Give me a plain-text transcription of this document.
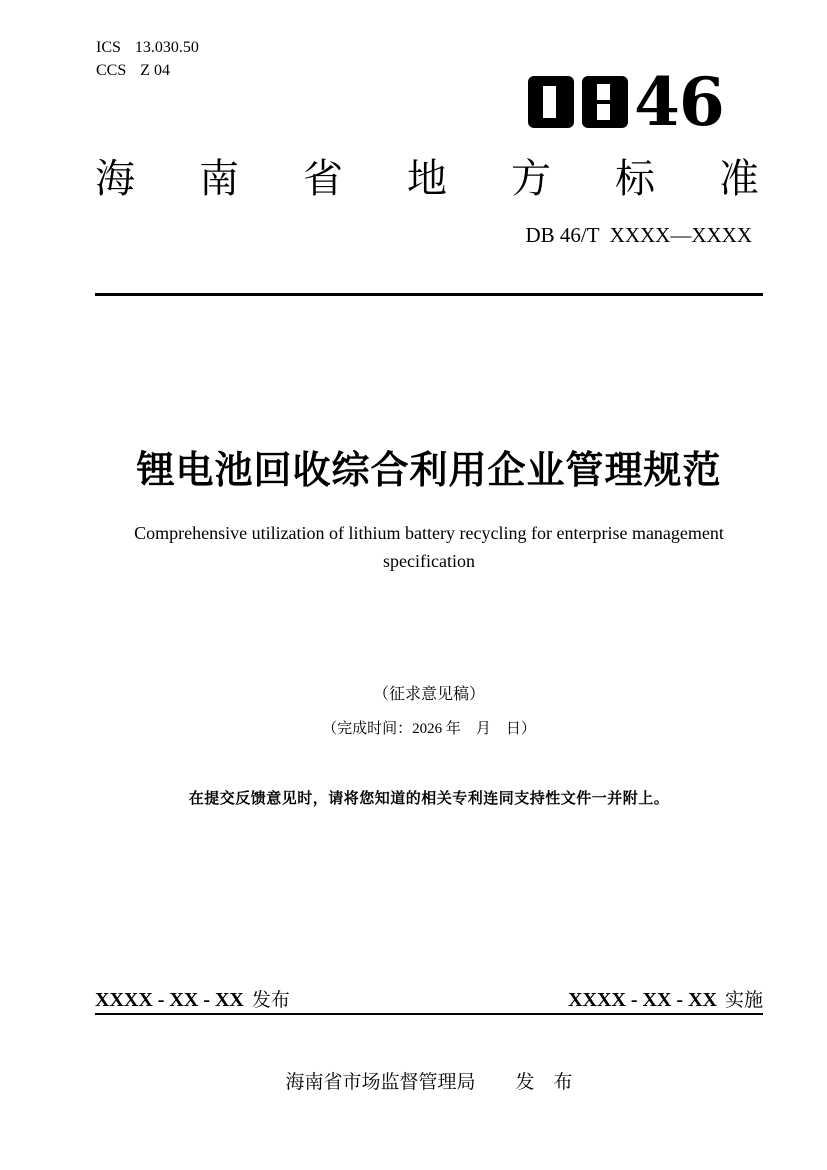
ICS 13.030.50
CCS Z 04	46
海南省地方标准
DB 46/T  XXXX—XXXX
锂电池回收综合利用企业管理规范
Comprehensive utilization of lithium battery recycling for enterprise management specification
（征求意见稿）
（完成时间：2026 年　月　日）
在提交反馈意见时，请将您知道的相关专利连同支持性文件一并附上。
XXXX - XX - XX 发布	XXXX - XX - XX 实施
海南省市场监督管理局 发　布
